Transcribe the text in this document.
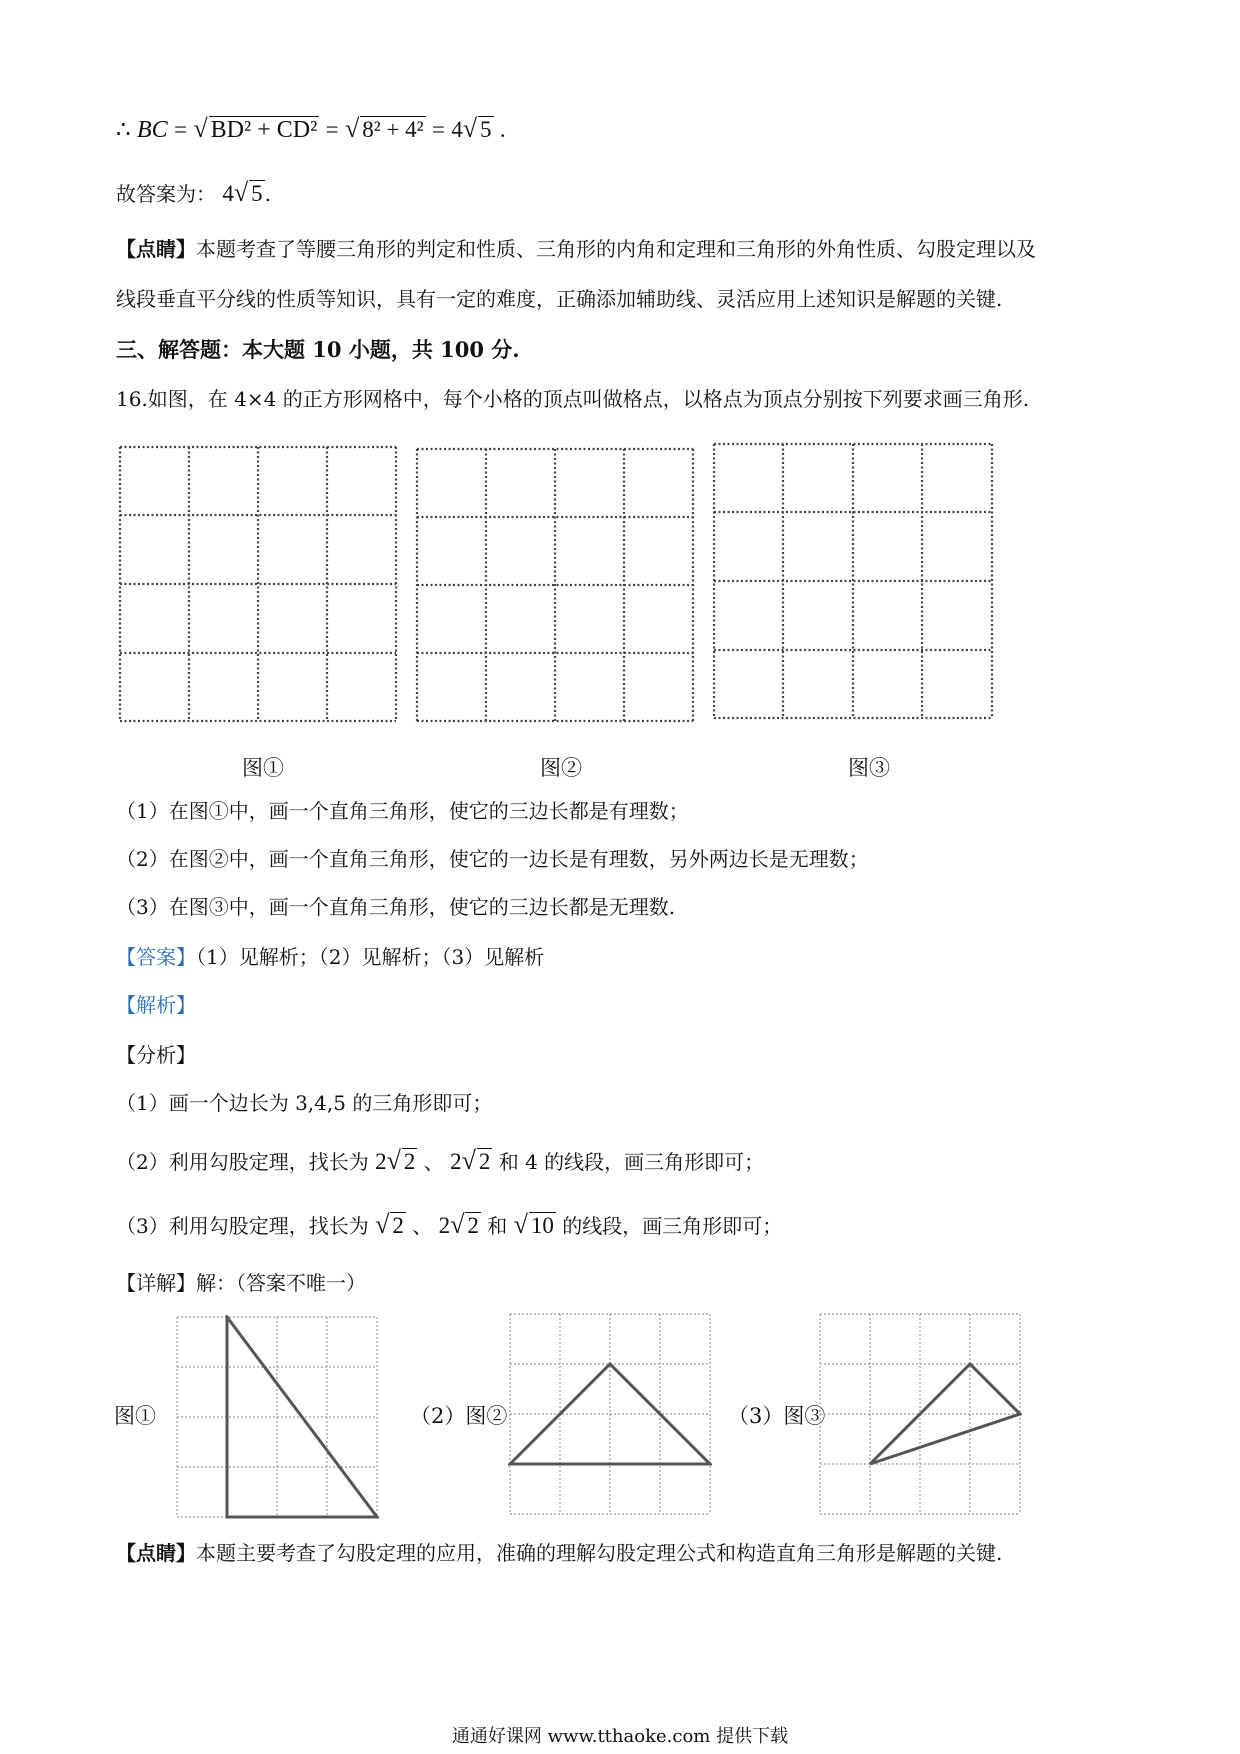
∴ BC = √ BD² + CD² = √ 8² + 4² = 4√ 5 .
故答案为： 4√ 5 .
【点睛】本题考查了等腰三角形的判定和性质、三角形的内角和定理和三角形的外角性质、勾股定理以及
线段垂直平分线的性质等知识，具有一定的难度，正确添加辅助线、灵活应用上述知识是解题的关键.
三、解答题：本大题 10 小题，共 100 分.
16.如图，在 4×4 的正方形网格中，每个小格的顶点叫做格点，以格点为顶点分别按下列要求画三角形.
图①	图②	图③
（1）在图①中，画一个直角三角形，使它的三边长都是有理数；
（2）在图②中，画一个直角三角形，使它的一边长是有理数，另外两边长是无理数；
（3）在图③中，画一个直角三角形，使它的三边长都是无理数.
【答案】（1）见解析；（2）见解析；（3）见解析
【解析】
【分析】
（1）画一个边长为 3,4,5 的三角形即可；
（2）利用勾股定理，找长为 2√ 2 、 2√ 2 和 4 的线段，画三角形即可；
（3）利用勾股定理，找长为 √ 2 、 2√ 2 和 √ 10 的线段，画三角形即可；
【详解】解：（答案不唯一）
图①	（2）图②	（3）图③
【点睛】本题主要考查了勾股定理的应用，准确的理解勾股定理公式和构造直角三角形是解题的关键.
通通好课网 www.tthaoke.com 提供下载
